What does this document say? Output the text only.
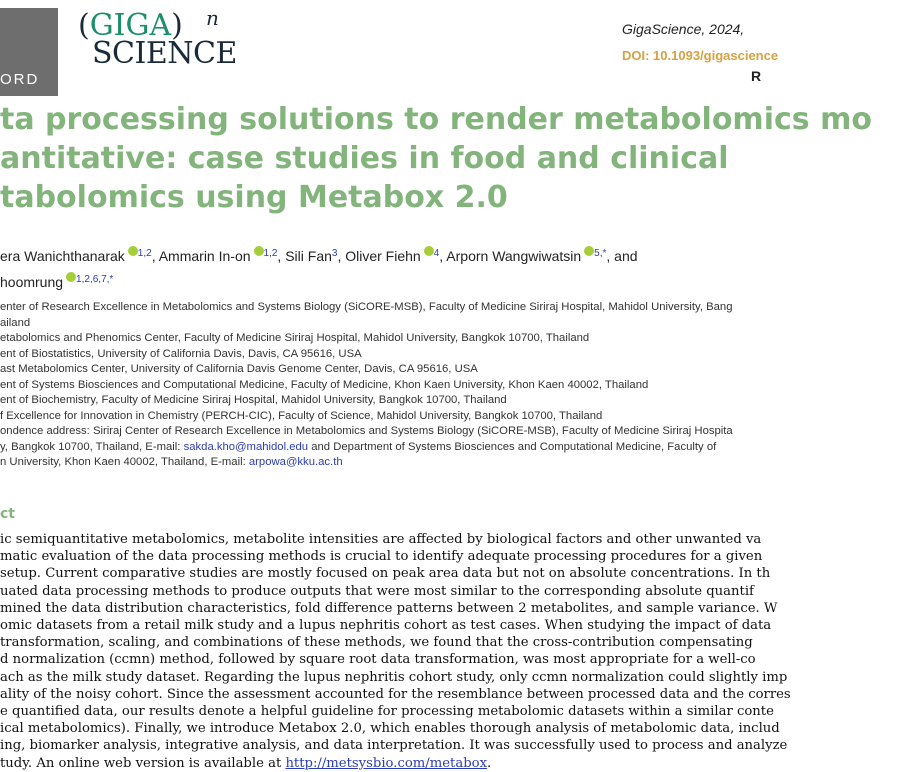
ORD
(GIGA) n
SCIENCE
GigaScience, 2024,
DOI: 10.1093/gigascience
R
ta processing solutions to render metabolomics mo
antitative: case studies in food and clinical
tabolomics using Metabox 2.0
era Wanichthanarak $^{1,2}$, Ammarin In-on $^{1,2}$, Sili Fan$^3$, Oliver Fiehn $^4$, Arporn Wangwiwatsin $^{5,*}$, and
hoomrung $^{1,2,6,7,*}$
enter of Research Excellence in Metabolomics and Systems Biology (SiCORE-MSB), Faculty of Medicine Siriraj Hospital, Mahidol University, Bang
ailand
etabolomics and Phenomics Center, Faculty of Medicine Siriraj Hospital, Mahidol University, Bangkok 10700, Thailand
ent of Biostatistics, University of California Davis, Davis, CA 95616, USA
ast Metabolomics Center, University of California Davis Genome Center, Davis, CA 95616, USA
ent of Systems Biosciences and Computational Medicine, Faculty of Medicine, Khon Kaen University, Khon Kaen 40002, Thailand
ent of Biochemistry, Faculty of Medicine Siriraj Hospital, Mahidol University, Bangkok 10700, Thailand
f Excellence for Innovation in Chemistry (PERCH-CIC), Faculty of Science, Mahidol University, Bangkok 10700, Thailand
ondence address: Siriraj Center of Research Excellence in Metabolomics and Systems Biology (SiCORE-MSB), Faculty of Medicine Siriraj Hospita
y, Bangkok 10700, Thailand, E-mail: sakda.kho@mahidol.edu and Department of Systems Biosciences and Computational Medicine, Faculty of
n University, Khon Kaen 40002, Thailand, E-mail: arpowa@kku.ac.th
ct
ic semiquantitative metabolomics, metabolite intensities are affected by biological factors and other unwanted va
matic evaluation of the data processing methods is crucial to identify adequate processing procedures for a given
setup. Current comparative studies are mostly focused on peak area data but not on absolute concentrations. In th
uated data processing methods to produce outputs that were most similar to the corresponding absolute quantif
mined the data distribution characteristics, fold difference patterns between 2 metabolites, and sample variance. W
omic datasets from a retail milk study and a lupus nephritis cohort as test cases. When studying the impact of data
transformation, scaling, and combinations of these methods, we found that the cross-contribution compensating
d normalization (ccmn) method, followed by square root data transformation, was most appropriate for a well-co
ach as the milk study dataset. Regarding the lupus nephritis cohort study, only ccmn normalization could slightly imp
ality of the noisy cohort. Since the assessment accounted for the resemblance between processed data and the corres
e quantified data, our results denote a helpful guideline for processing metabolomic datasets within a similar conte
ical metabolomics). Finally, we introduce Metabox 2.0, which enables thorough analysis of metabolomic data, includ
ing, biomarker analysis, integrative analysis, and data interpretation. It was successfully used to process and analyze
tudy. An online web version is available at http://metsysbio.com/metabox.
